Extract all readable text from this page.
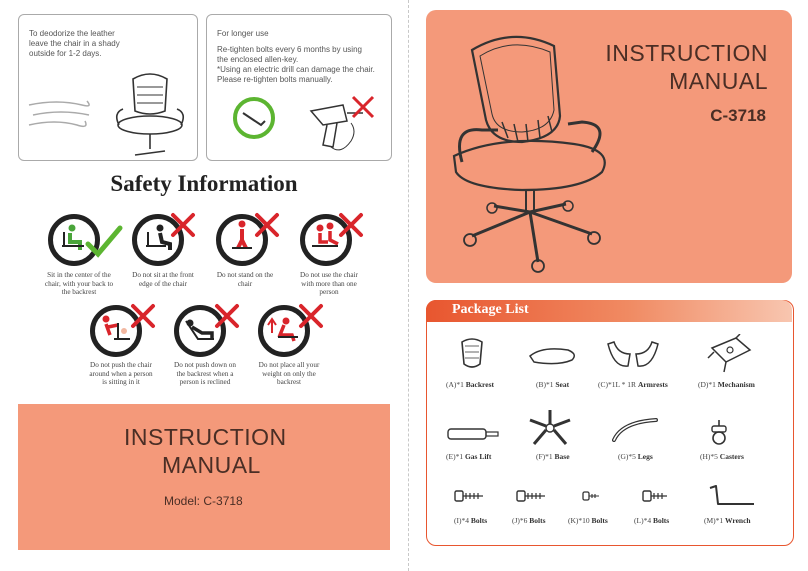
To deodorize the leather
leave the chair in a shady
outside for 1-2 days.
For longer use
Re-tighten bolts every 6 months by using
the enclosed allen-key.
*Using an electric drill can damage the chair.
Please re-tighten bolts manually.
Safety Information
Sit in the center of the
chair, with your back to
the backrest
Do not sit at the front
edge of the chair
Do not stand on the
chair
Do not use the chair
with more than one
person
Do not push the chair
around when a person
is sitting in it
Do not push down on
the backrest when a
person is reclined
Do not place all your
weight on only the
backrest
INSTRUCTION
MANUAL
Model: C-3718
INSTRUCTION
MANUAL
C-3718
Package List
(A)*1 Backrest	(B)*1 Seat	(C)*1L * 1R Armrests	(D)*1 Mechanism
(E)*1 Gas Lift	(F)*1 Base	(G)*5 Legs	(H)*5 Casters
(I)*4 Bolts	(J)*6 Bolts	(K)*10 Bolts	(L)*4 Bolts	(M)*1 Wrench
